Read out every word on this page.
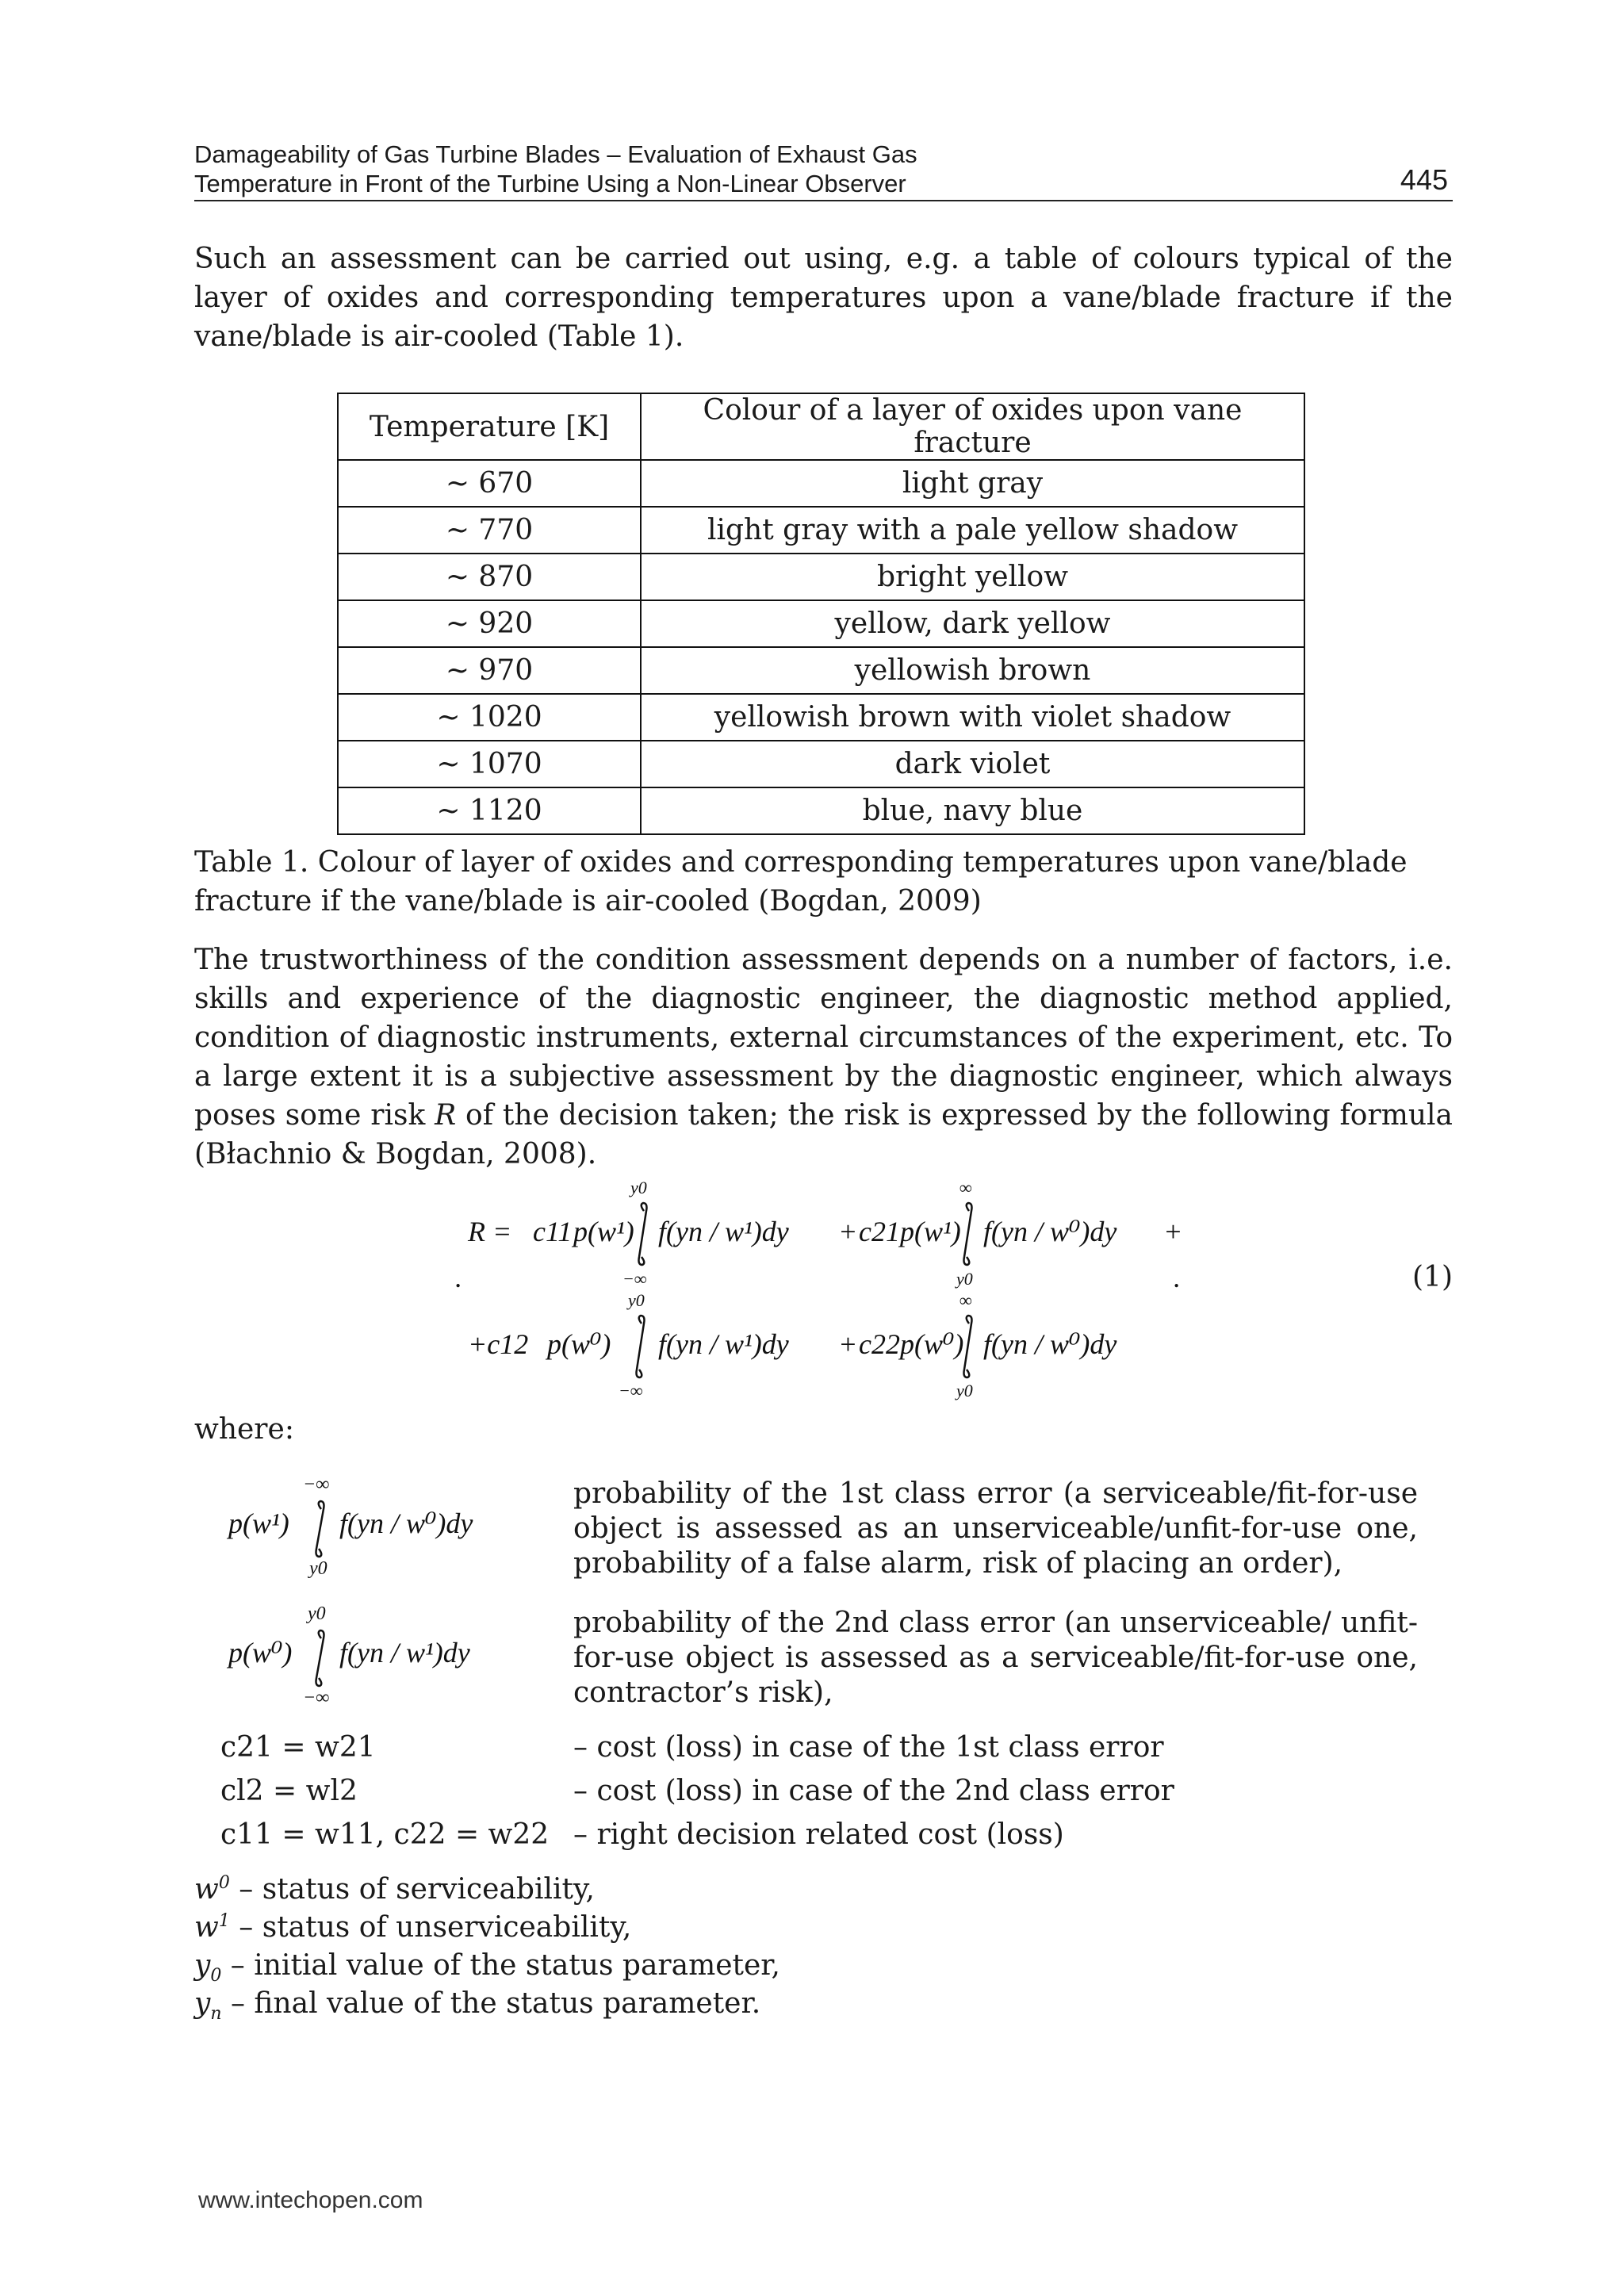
Damageability of Gas Turbine Blades – Evaluation of Exhaust Gas
Temperature in Front of the Turbine Using a Non-Linear Observer	445
Such an assessment can be carried out using, e.g. a table of colours typical of the layer of oxides and corresponding temperatures upon a vane/blade fracture if the vane/blade is air-cooled (Table 1).
Temperature [K]	Colour of a layer of oxides upon vane fracture
~ 670	light gray
~ 770	light gray with a pale yellow shadow
~ 870	bright yellow
~ 920	yellow, dark yellow
~ 970	yellowish brown
~ 1020	yellowish brown with violet shadow
~ 1070	dark violet
~ 1120	blue, navy blue
Table 1. Colour of layer of oxides and corresponding temperatures upon vane/blade fracture if the vane/blade is air-cooled (Bogdan, 2009)
The trustworthiness of the condition assessment depends on a number of factors, i.e. skills and experience of the diagnostic engineer, the diagnostic method applied, condition of diagnostic instruments, external circumstances of the experiment, etc. To a large extent it is a subjective assessment by the diagnostic engineer, which always poses some risk R of the decision taken; the risk is expressed by the following formula (Błachnio & Bogdan, 2008).
R = c11 p(w¹)
y0
−∞
f(yn / w¹)dy + c21 p(w¹)
∞
y0
f(yn / w⁰)dy +
.	.
y0
+c12 p(w⁰)
−∞
f(yn / w¹)dy + c22 p(w⁰)
∞
y0
f(yn / w⁰)dy
(1)
where:
p(w¹)
−∞
y0
f(yn / w⁰)dy
probability of the 1st class error (a serviceable/fit-for-use object is assessed as an unserviceable/unfit-for-use one, probability of a false alarm, risk of placing an order),
p(w⁰)
y0
−∞
f(yn / w¹)dy
probability of the 2nd class error (an unserviceable/ unfit-for-use object is assessed as a serviceable/fit-for-use one, contractor’s risk),
c21 = w21	– cost (loss) in case of the 1st class error
cl2 = wl2	– cost (loss) in case of the 2nd class error
c11 = w11, c22 = w22 – right decision related cost (loss)
$w^0$ – status of serviceability,
$w^1$ – status of unserviceability,
$y_0$ – initial value of the status parameter,
$y_n$ – final value of the status parameter.
www.intechopen.com
